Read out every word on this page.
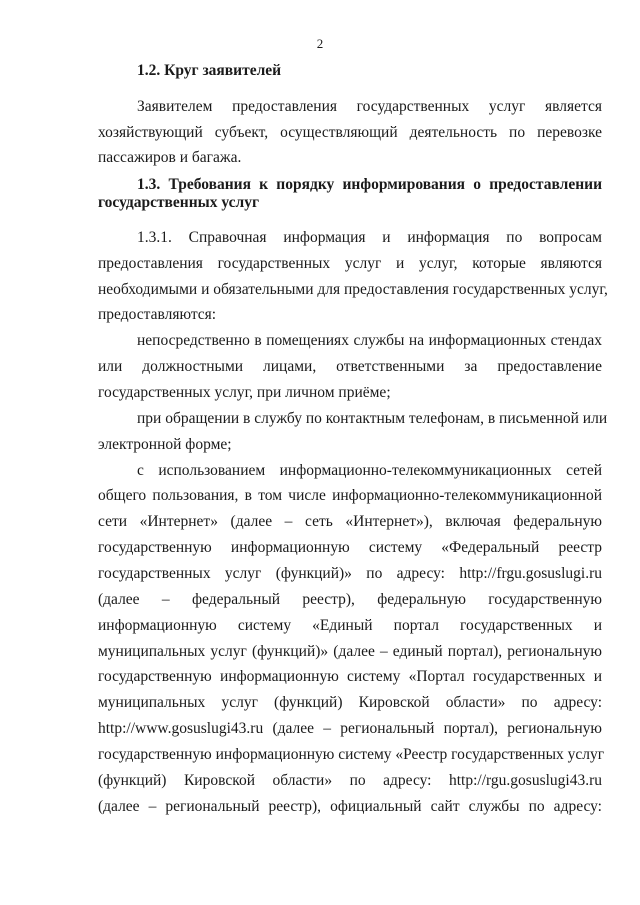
2
1.2. Круг заявителей
Заявителем предоставления государственных услуг является
хозяйствующий субъект, осуществляющий деятельность по перевозке
пассажиров и багажа.
1.3. Требования к порядку информирования о предоставлении
государственных услуг
1.3.1. Справочная информация и информация по вопросам
предоставления государственных услуг и услуг, которые являются
необходимыми и обязательными для предоставления государственных услуг,
предоставляются:
непосредственно в помещениях службы на информационных стендах
или должностными лицами, ответственными за предоставление
государственных услуг, при личном приёме;
при обращении в службу по контактным телефонам, в письменной или
электронной форме;
с использованием информационно-телекоммуникационных сетей
общего пользования, в том числе информационно-телекоммуникационной
сети «Интернет» (далее – сеть «Интернет»), включая федеральную
государственную информационную систему «Федеральный реестр
государственных услуг (функций)» по адресу: http://frgu.gosuslugi.ru
(далее – федеральный реестр), федеральную государственную
информационную систему «Единый портал государственных и
муниципальных услуг (функций)» (далее – единый портал), региональную
государственную информационную систему «Портал государственных и
муниципальных услуг (функций) Кировской области» по адресу:
http://www.gosuslugi43.ru (далее – региональный портал), региональную
государственную информационную систему «Реестр государственных услуг
(функций) Кировской области» по адресу: http://rgu.gosuslugi43.ru
(далее – региональный реестр), официальный сайт службы по адресу:
